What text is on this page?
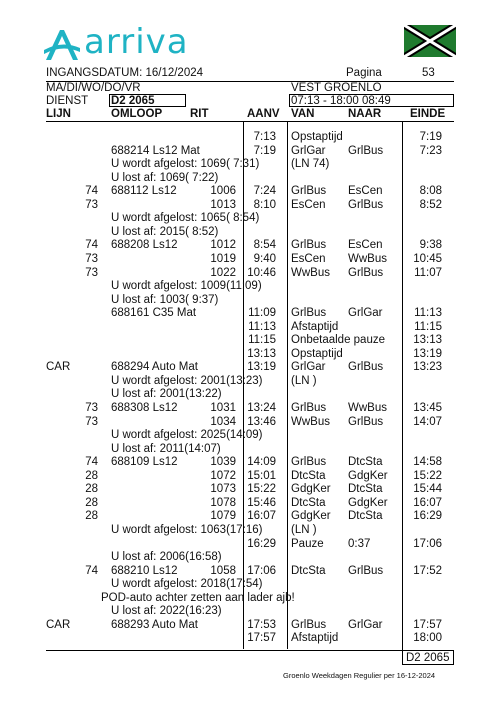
arriva
INGANGSDATUM: 16/12/2024	Pagina	53
MA/DI/WO/DO/VR	VEST GROENLO
DIENST D2 2065	07:13 - 18:00 08:49
LIJN	OMLOOP RIT	AANV VAN	NAAR	EINDE
7:13 Opstaptijd	7:19
688214 Ls12 Mat	7:19 GrlGar GrlBus	7:23
(LN 74)
U wordt afgelost: 1069( 7:31)
U lost af: 1069( 7:22)
74 688112 Ls12	1006	7:24 GrlBus EsCen	8:08
73	1013	8:10 EsCen GrlBus	8:52
U wordt afgelost: 1065( 8:54)
U lost af: 2015( 8:52)
74 688208 Ls12	1012	8:54 GrlBus EsCen	9:38
73	1019	9:40 EsCen WwBus	10:45
73	1022 10:46 WwBus GrlBus	11:07
U wordt afgelost: 1009(11:09)
U lost af: 1003( 9:37)
688161 C35 Mat	11:09 GrlBus GrlGar	11:13
11:13 Afstaptijd	11:15
11:15 Onbetaalde pauze	13:13
13:13 Opstaptijd	13:19
CAR	688294 Auto Mat	13:19 GrlGar GrlBus	13:23
(LN )
U wordt afgelost: 2001(13:23)
U lost af: 2001(13:22)
73 688308 Ls12	1031 13:24 GrlBus WwBus	13:45
73	1034 13:46 WwBus GrlBus	14:07
U wordt afgelost: 2025(14:09)
U lost af: 2011(14:07)
74 688109 Ls12	1039 14:09 GrlBus DtcSta	14:58
28	1072 15:01 DtcSta GdgKer	15:22
28	1073 15:22 GdgKer DtcSta	15:44
28	1078 15:46 DtcSta GdgKer	16:07
28	1079 16:07 GdgKer DtcSta	16:29
(LN )
U wordt afgelost: 1063(17:16)
16:29 Pauze 0:37	17:06
U lost af: 2006(16:58)
74 688210 Ls12	1058 17:06 DtcSta GrlBus	17:52
U wordt afgelost: 2018(17:54)
POD-auto achter zetten aan lader ajb!
U lost af: 2022(16:23)
CAR	688293 Auto Mat	17:53 GrlBus GrlGar	17:57
17:57 Afstaptijd	18:00
D2 2065
Groenlo Weekdagen Regulier per 16-12-2024
